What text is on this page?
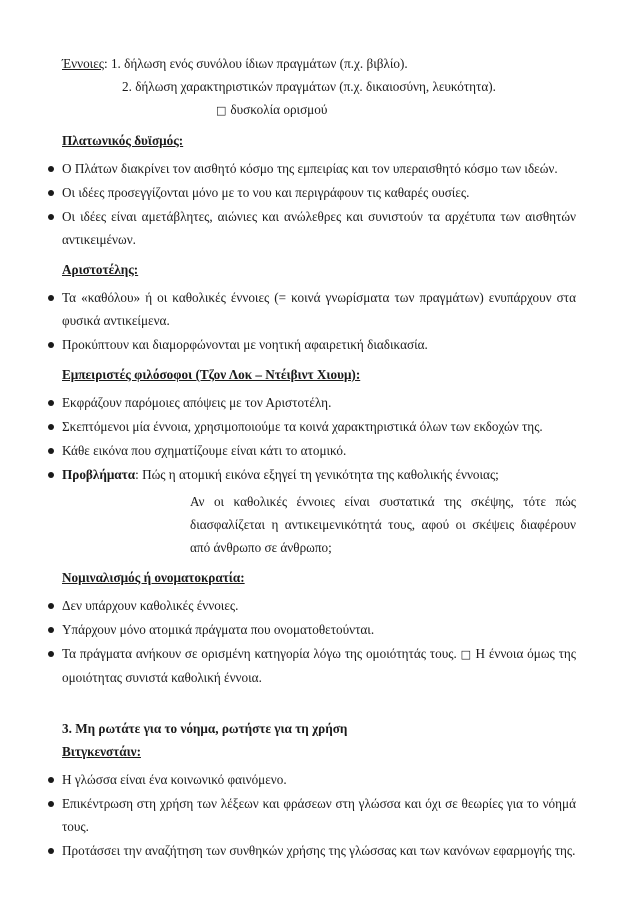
Έννοιες: 1. δήλωση ενός συνόλου ίδιων πραγμάτων (π.χ. βιβλίο).
2. δήλωση χαρακτηριστικών πραγμάτων (π.χ. δικαιοσύνη, λευκότητα).
□ δυσκολία ορισμού
Πλατωνικός δυϊσμός:
Ο Πλάτων διακρίνει τον αισθητό κόσμο της εμπειρίας και τον υπεραισθητό κόσμο των ιδεών.
Οι ιδέες προσεγγίζονται μόνο με το νου και περιγράφουν τις καθαρές ουσίες.
Οι ιδέες είναι αμετάβλητες, αιώνιες και ανώλεθρες και συνιστούν τα αρχέτυπα των αισθητών αντικειμένων.
Αριστοτέλης:
Τα «καθόλου» ή οι καθολικές έννοιες (= κοινά γνωρίσματα των πραγμάτων) ενυπάρχουν στα φυσικά αντικείμενα.
Προκύπτουν και διαμορφώνονται με νοητική αφαιρετική διαδικασία.
Εμπειριστές φιλόσοφοι (Τζον Λοκ – Ντέιβιντ Χιουμ):
Εκφράζουν παρόμοιες απόψεις με τον Αριστοτέλη.
Σκεπτόμενοι μία έννοια, χρησιμοποιούμε τα κοινά χαρακτηριστικά όλων των εκδοχών της.
Κάθε εικόνα που σχηματίζουμε είναι κάτι το ατομικό.
Προβλήματα: Πώς η ατομική εικόνα εξηγεί τη γενικότητα της καθολικής έννοιας;
Αν οι καθολικές έννοιες είναι συστατικά της σκέψης, τότε πώς διασφαλίζεται η αντικειμενικότητά τους, αφού οι σκέψεις διαφέρουν από άνθρωπο σε άνθρωπο;
Νομιναλισμός ή ονοματοκρατία:
Δεν υπάρχουν καθολικές έννοιες.
Υπάρχουν μόνο ατομικά πράγματα που ονοματοθετούνται.
Τα πράγματα ανήκουν σε ορισμένη κατηγορία λόγω της ομοιότητάς τους. □ Η έννοια όμως της ομοιότητας συνιστά καθολική έννοια.
3. Μη ρωτάτε για το νόημα, ρωτήστε για τη χρήση
Βιτγκενστάιν:
Η γλώσσα είναι ένα κοινωνικό φαινόμενο.
Επικέντρωση στη χρήση των λέξεων και φράσεων στη γλώσσα και όχι σε θεωρίες για το νόημά τους.
Προτάσσει την αναζήτηση των συνθηκών χρήσης της γλώσσας και των κανόνων εφαρμογής της.
